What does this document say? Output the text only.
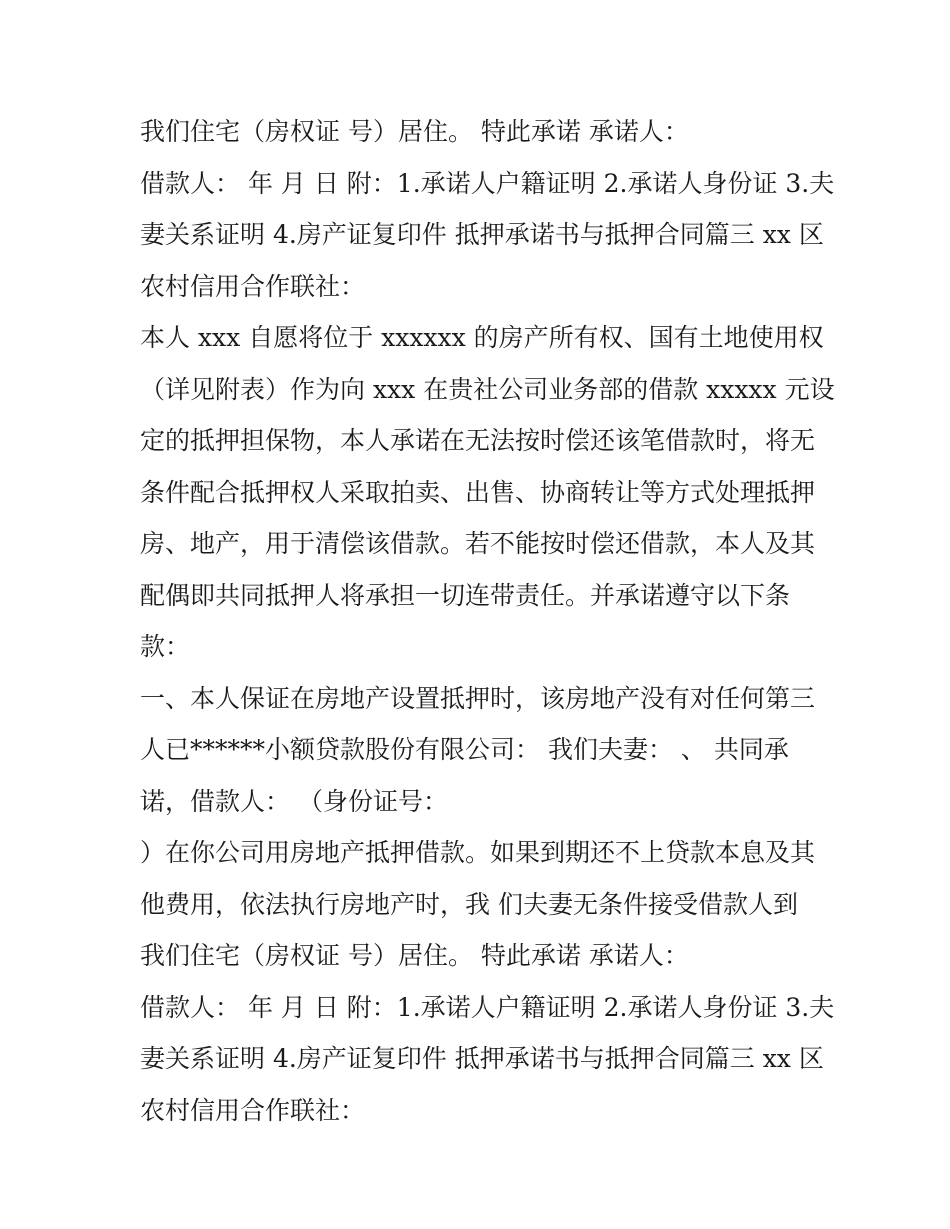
我们住宅（房权证 号）居住。 特此承诺 承诺人：
借款人： 年 月 日 附：1.承诺人户籍证明 2.承诺人身份证 3.夫
妻关系证明 4.房产证复印件 抵押承诺书与抵押合同篇三 xx 区
农村信用合作联社：
本人 xxx 自愿将位于 xxxxxx 的房产所有权、国有土地使用权
（详见附表）作为向 xxx 在贵社公司业务部的借款 xxxxx 元设
定的抵押担保物，本人承诺在无法按时偿还该笔借款时，将无
条件配合抵押权人采取拍卖、出售、协商转让等方式处理抵押
房、地产，用于清偿该借款。若不能按时偿还借款，本人及其
配偶即共同抵押人将承担一切连带责任。并承诺遵守以下条
款：
一、本人保证在房地产设置抵押时，该房地产没有对任何第三
人已******小额贷款股份有限公司： 我们夫妻： 、 共同承
诺，借款人： （身份证号：
）在你公司用房地产抵押借款。如果到期还不上贷款本息及其
他费用，依法执行房地产时，我 们夫妻无条件接受借款人到
我们住宅（房权证 号）居住。 特此承诺 承诺人：
借款人： 年 月 日 附：1.承诺人户籍证明 2.承诺人身份证 3.夫
妻关系证明 4.房产证复印件 抵押承诺书与抵押合同篇三 xx 区
农村信用合作联社：
